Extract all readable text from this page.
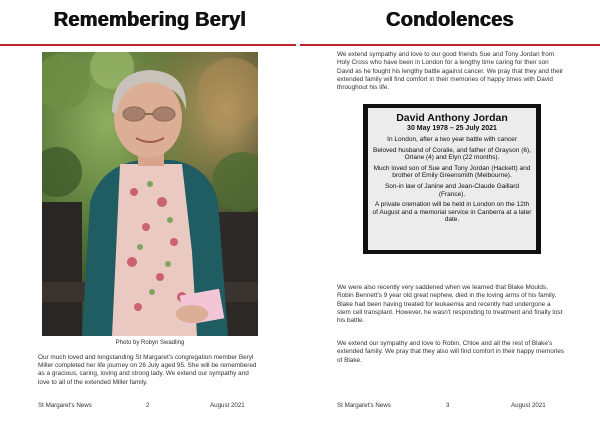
Remembering Beryl
Photo by Robyn Swadling
Our much loved and longstanding St Margaret's congregation member Beryl Miller completed her life journey on 26 July aged 95. She will be remembered as a gracious, caring, loving and strong lady. We extend our sympathy and love to all of the extended Miller family.
St Margaret's News	2	August 2021
Condolences
We extend sympathy and love to our good friends Sue and Tony Jordan from Holy Cross who have been in London for a lengthy time caring for their son David as he fought his lengthy battle against cancer. We pray that they and their extended family will find comfort in their memories of happy times with David throughout his life.
David Anthony Jordan
30 May 1978 – 25 July 2021
In London, after a two year battle with cancer
Beloved husband of Coralie, and father of Grayson (6), Orlane (4) and Elyn (22 months).
Much loved son of Sue and Tony Jordan (Hackett) and brother of Emily Greensmith (Melbourne).
Son-in law of Janine and Jean-Claude Gaillard (France).
A private cremation will be held in London on the 12th of August and a memorial service in Canberra at a later date.
We were also recently very saddened when we learned that Blake Moulds, Robin Bennett's 9 year old great nephew, died in the loving arms of his family. Blake had been having treated for leukaemia and recently had undergone a stem cell transplant. However, he wasn't responding to treatment and finally lost his battle.
We extend our sympathy and love to Robin, Chloe and all the rest of Blake's extended family. We pray that they also will find comfort in their happy memories of Blake.
St Margaret's News	3	August 2021
